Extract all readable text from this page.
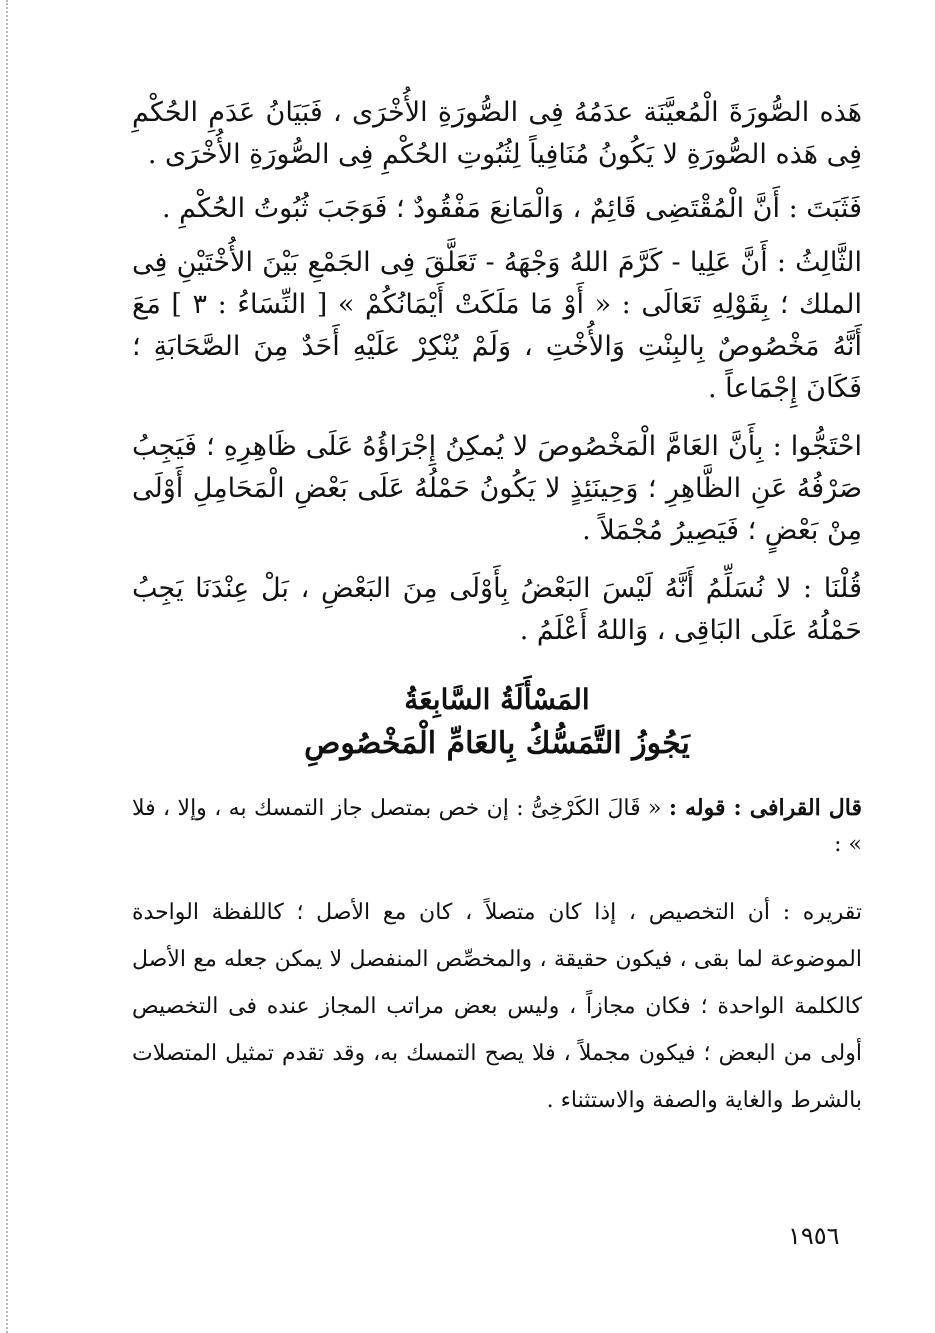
هَذه الصُّورَةَ الْمُعيَّنَة عدَمُهُ فِى الصُّورَةِ الأُخْرَى ، فَبَيَانُ عَدَمِ الحُكْمِ فِى هَذه الصُّورَةِ لا يَكُونُ مُنَافِياً لِثُبُوتِ الحُكْمِ فِى الصُّورَةِ الأُخْرَى .

فَثَبَتَ : أَنَّ الْمُقْتَضِى قَائِمٌ ، وَالْمَانِعَ مَفْقُودٌ ؛ فَوَجَبَ ثُبُوتُ الحُكْمِ .

الثَّالِثُ : أَنَّ عَلِيا - كَرَّمَ اللهُ وَجْهَهُ - تَعَلَّقَ فِى الجَمْعِ بَيْنَ الأُخْتَيْنِ فِى الملك ؛ بِقَوْلِهِ تَعَالَى : « أَوْ مَا مَلَكَتْ أَيْمَانُكُمْ » [ النِّسَاءُ : ٣ ] مَعَ أَنَّهُ مَخْصُوصٌ بِالبِنْتِ وَالأُخْتِ ، وَلَمْ يُنْكِرْ عَلَيْهِ أَحَدٌ مِنَ الصَّحَابَةِ ؛ فَكَانَ إِجْمَاعاً .

احْتَجُّوا : بِأَنَّ العَامَّ الْمَخْصُوصَ لا يُمكِنُ إِجْرَاؤُهُ عَلَى ظَاهِرِهِ ؛ فَيَجِبُ صَرْفُهُ عَنِ الظَّاهِرِ ؛ وَحِينَئِذٍ لا يَكُونُ حَمْلُهُ عَلَى بَعْضِ الْمَحَامِلِ أَوْلَى مِنْ بَعْضٍ ؛ فَيَصِيرُ مُجْمَلاً .

قُلْنَا : لا نُسَلِّمُ أَنَّهُ لَيْسَ البَعْضُ بِأَوْلَى مِنَ البَعْضِ ، بَلْ عِنْدَنَا يَجِبُ حَمْلُهُ عَلَى البَاقِى ، وَاللهُ أَعْلَمُ .

المَسْأَلَةُ السَّابِعَةُ
يَجُوزُ التَّمَسُّكُ بِالعَامِّ الْمَخْصُوصِ

قال القرافى : قوله : « قَالَ الكَرْخِىُّ : إن خص بمتصل جاز التمسك به ، وإلا ، فلا » :

تقريره : أن التخصيص ، إذا كان متصلاً ، كان مع الأصل ؛ كاللفظة الواحدة الموضوعة لما بقى ، فيكون حقيقة ، والمخصِّص المنفصل لا يمكن جعله مع الأصل كالكلمة الواحدة ؛ فكان مجازاً ، وليس بعض مراتب المجاز عنده فى التخصيص أولى من البعض ؛ فيكون مجملاً ، فلا يصح التمسك به، وقد تقدم تمثيل المتصلات بالشرط والغاية والصفة والاستثناء .

١٩٥٦
